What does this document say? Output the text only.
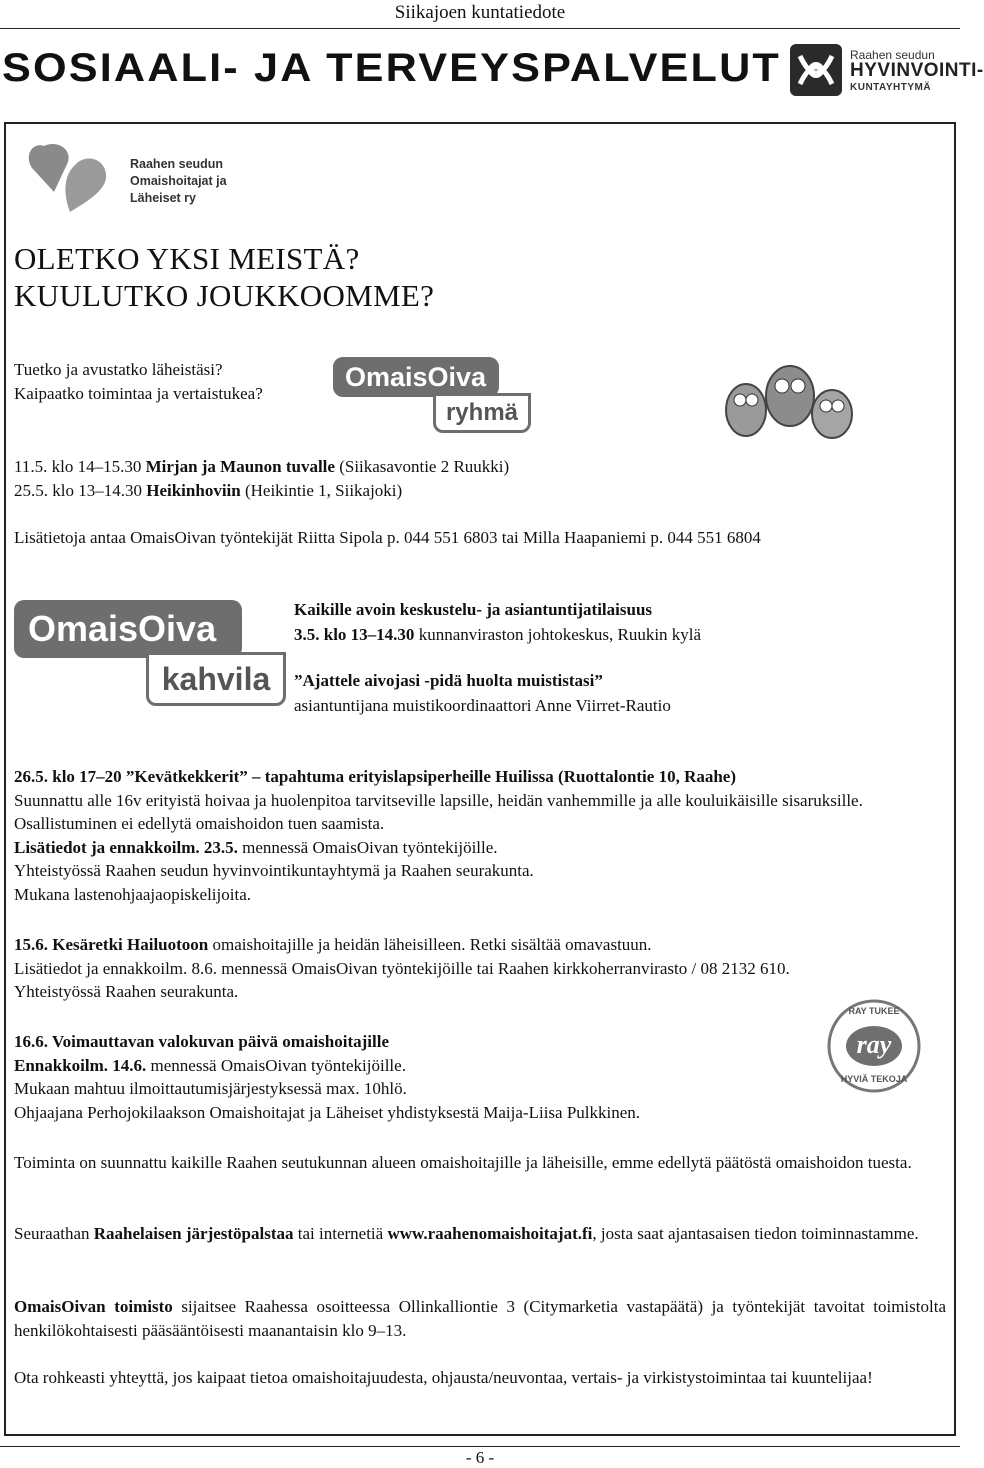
Siikajoen kuntatiedote
SOSIAALI- JA TERVEYSPALVELUT	Raahen seudun
HYVINVOINTI-
KUNTAYHTYMÄ
Raahen seudun
Omaishoitajat ja
Läheiset ry
OLETKO YKSI MEISTÄ?
KUULUTKO JOUKKOOMME?
Tuetko ja avustatko läheistäsi?
Kaipaatko toimintaa ja vertaistukea?
OmaisOiva
ryhmä
11.5. klo 14–15.30 Mirjan ja Maunon tuvalle (Siikasavontie 2 Ruukki)
25.5. klo 13–14.30 Heikinhoviin (Heikintie 1, Siikajoki)
Lisätietoja antaa OmaisOivan työntekijät Riitta Sipola p. 044 551 6803 tai Milla Haapaniemi p. 044 551 6804
OmaisOiva
kahvila
Kaikille avoin keskustelu- ja asiantuntijatilaisuus
3.5. klo 13–14.30 kunnanviraston johtokeskus, Ruukin kylä
”Ajattele aivojasi -pidä huolta muististasi”
asiantuntijana muistikoordinaattori Anne Viirret-Rautio
26.5. klo 17–20 ”Kevätkekkerit” – tapahtuma erityislapsiperheille Huilissa (Ruottalontie 10, Raahe)
Suunnattu alle 16v erityistä hoivaa ja huolenpitoa tarvitseville lapsille, heidän vanhemmille ja alle kouluikäisille sisaruksille. Osallistuminen ei edellytä omaishoidon tuen saamista.
Lisätiedot ja ennakkoilm. 23.5. mennessä OmaisOivan työntekijöille.
Yhteistyössä Raahen seudun hyvinvointikuntayhtymä ja Raahen seurakunta.
Mukana lastenohjaajaopiskelijoita.
15.6. Kesäretki Hailuotoon omaishoitajille ja heidän läheisilleen. Retki sisältää omavastuun.
Lisätiedot ja ennakkoilm. 8.6. mennessä OmaisOivan työntekijöille tai Raahen kirkkoherranvirasto / 08 2132 610.
Yhteistyössä Raahen seurakunta.
16.6. Voimauttavan valokuvan päivä omaishoitajille
Ennakkoilm. 14.6. mennessä OmaisOivan työntekijöille.
Mukaan mahtuu ilmoittautumisjärjestyksessä max. 10hlö.
Ohjaajana Perhojokilaakson Omaishoitajat ja Läheiset yhdistyksestä Maija-Liisa Pulkkinen.
RAY TUKEE
ray
HYVIÄ TEKOJA
Toiminta on suunnattu kaikille Raahen seutukunnan alueen omaishoitajille ja läheisille, emme edellytä päätöstä omaishoidon tuesta.
Seuraathan Raahelaisen järjestöpalstaa tai internetiä www.raahenomaishoitajat.fi, josta saat ajantasaisen tiedon toiminnastamme.
OmaisOivan toimisto sijaitsee Raahessa osoitteessa Ollinkalliontie 3 (Citymarketia vastapäätä) ja työntekijät tavoitat toimistolta henkilökohtaisesti pääsääntöisesti maanantaisin klo 9–13.
Ota rohkeasti yhteyttä, jos kaipaat tietoa omaishoitajuudesta, ohjausta/neuvontaa, vertais- ja virkistystoimintaa tai kuuntelijaa!
- 6 -
